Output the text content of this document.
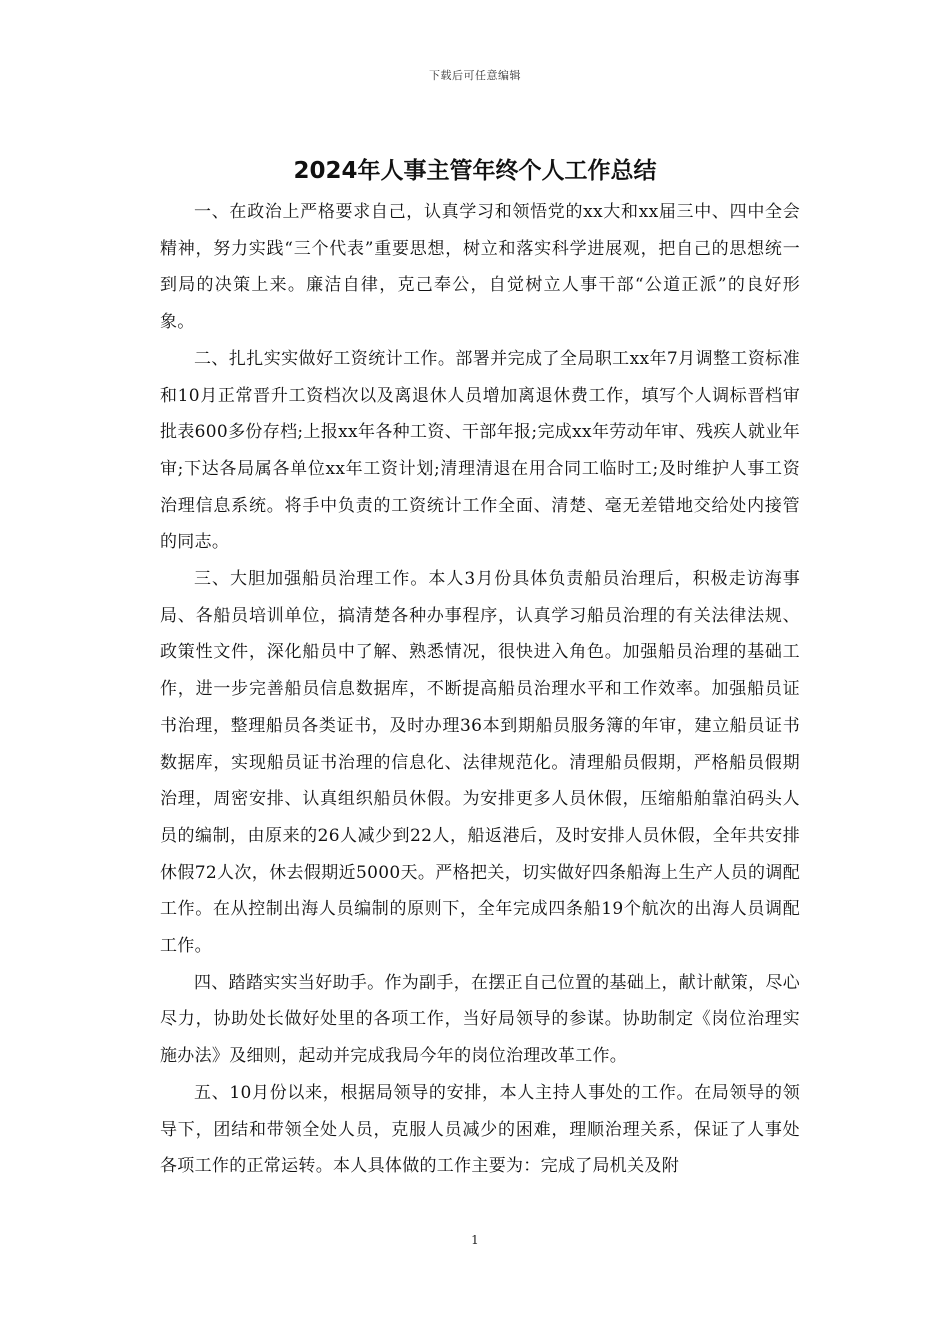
下载后可任意编辑
2024年人事主管年终个人工作总结

一、在政治上严格要求自己，认真学习和领悟党的xx大和xx届三中、四中全会精神，努力实践“三个代表”重要思想，树立和落实科学进展观，把自己的思想统一到局的决策上来。廉洁自律，克己奉公，自觉树立人事干部“公道正派”的良好形象。

二、扎扎实实做好工资统计工作。部署并完成了全局职工xx年7月调整工资标准和10月正常晋升工资档次以及离退休人员增加离退休费工作，填写个人调标晋档审批表600多份存档;上报xx年各种工资、干部年报;完成xx年劳动年审、残疾人就业年审;下达各局属各单位xx年工资计划;清理清退在用合同工临时工;及时维护人事工资治理信息系统。将手中负责的工资统计工作全面、清楚、毫无差错地交给处内接管的同志。

三、大胆加强船员治理工作。本人3月份具体负责船员治理后，积极走访海事局、各船员培训单位，搞清楚各种办事程序，认真学习船员治理的有关法律法规、政策性文件，深化船员中了解、熟悉情况，很快进入角色。加强船员治理的基础工作，进一步完善船员信息数据库，不断提高船员治理水平和工作效率。加强船员证书治理，整理船员各类证书，及时办理36本到期船员服务簿的年审，建立船员证书数据库，实现船员证书治理的信息化、法律规范化。清理船员假期，严格船员假期治理，周密安排、认真组织船员休假。为安排更多人员休假，压缩船舶靠泊码头人员的编制，由原来的26人减少到22人，船返港后，及时安排人员休假，全年共安排休假72人次，休去假期近5000天。严格把关，切实做好四条船海上生产人员的调配工作。在从控制出海人员编制的原则下，全年完成四条船19个航次的出海人员调配工作。

四、踏踏实实当好助手。作为副手，在摆正自己位置的基础上，献计献策，尽心尽力，协助处长做好处里的各项工作，当好局领导的参谋。协助制定《岗位治理实施办法》及细则，起动并完成我局今年的岗位治理改革工作。

五、10月份以来，根据局领导的安排，本人主持人事处的工作。在局领导的领导下，团结和带领全处人员，克服人员减少的困难，理顺治理关系，保证了人事处各项工作的正常运转。本人具体做的工作主要为：完成了局机关及附

1
